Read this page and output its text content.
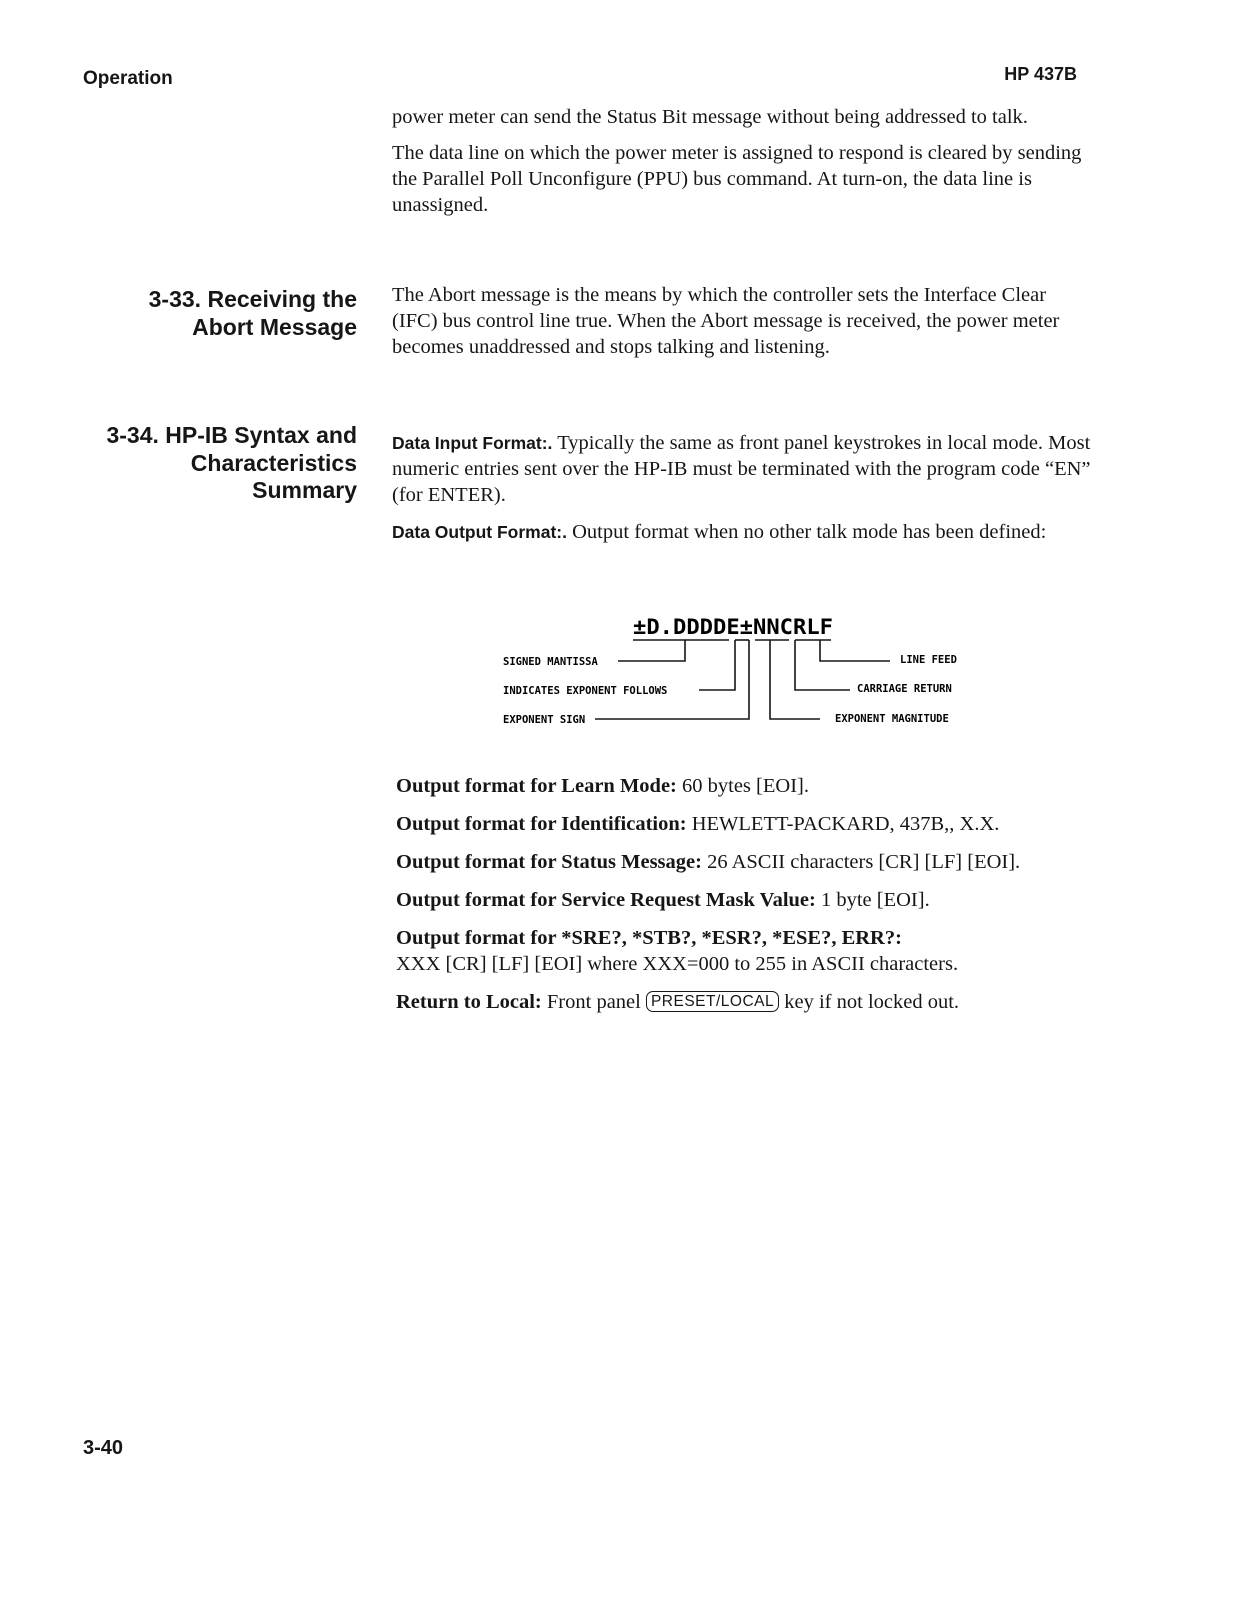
Operation	HP 437B

power meter can send the Status Bit message without being addressed to talk.

The data line on which the power meter is assigned to respond is cleared by sending the Parallel Poll Unconfigure (PPU) bus command. At turn-on, the data line is unassigned.

3-33. Receiving the
Abort Message

The Abort message is the means by which the controller sets the Interface Clear (IFC) bus control line true. When the Abort message is received, the power meter becomes unaddressed and stops talking and listening.

3-34. HP-IB Syntax and
Characteristics
Summary

Data Input Format:. Typically the same as front panel keystrokes in local mode. Most numeric entries sent over the HP-IB must be terminated with the program code “EN” (for ENTER).

Data Output Format:. Output format when no other talk mode has been defined:

±D.DDDDE±NNCRLF
SIGNED MANTISSA
INDICATES EXPONENT FOLLOWS
EXPONENT SIGN
LINE FEED
CARRIAGE RETURN
EXPONENT MAGNITUDE

Output format for Learn Mode: 60 bytes [EOI].

Output format for Identification: HEWLETT-PACKARD, 437B,, X.X.

Output format for Status Message: 26 ASCII characters [CR] [LF] [EOI].

Output format for Service Request Mask Value: 1 byte [EOI].

Output format for *SRE?, *STB?, *ESR?, *ESE?, ERR?:
XXX [CR] [LF] [EOI] where XXX=000 to 255 in ASCII characters.

Return to Local: Front panel PRESET/LOCAL key if not locked out.

3-40
